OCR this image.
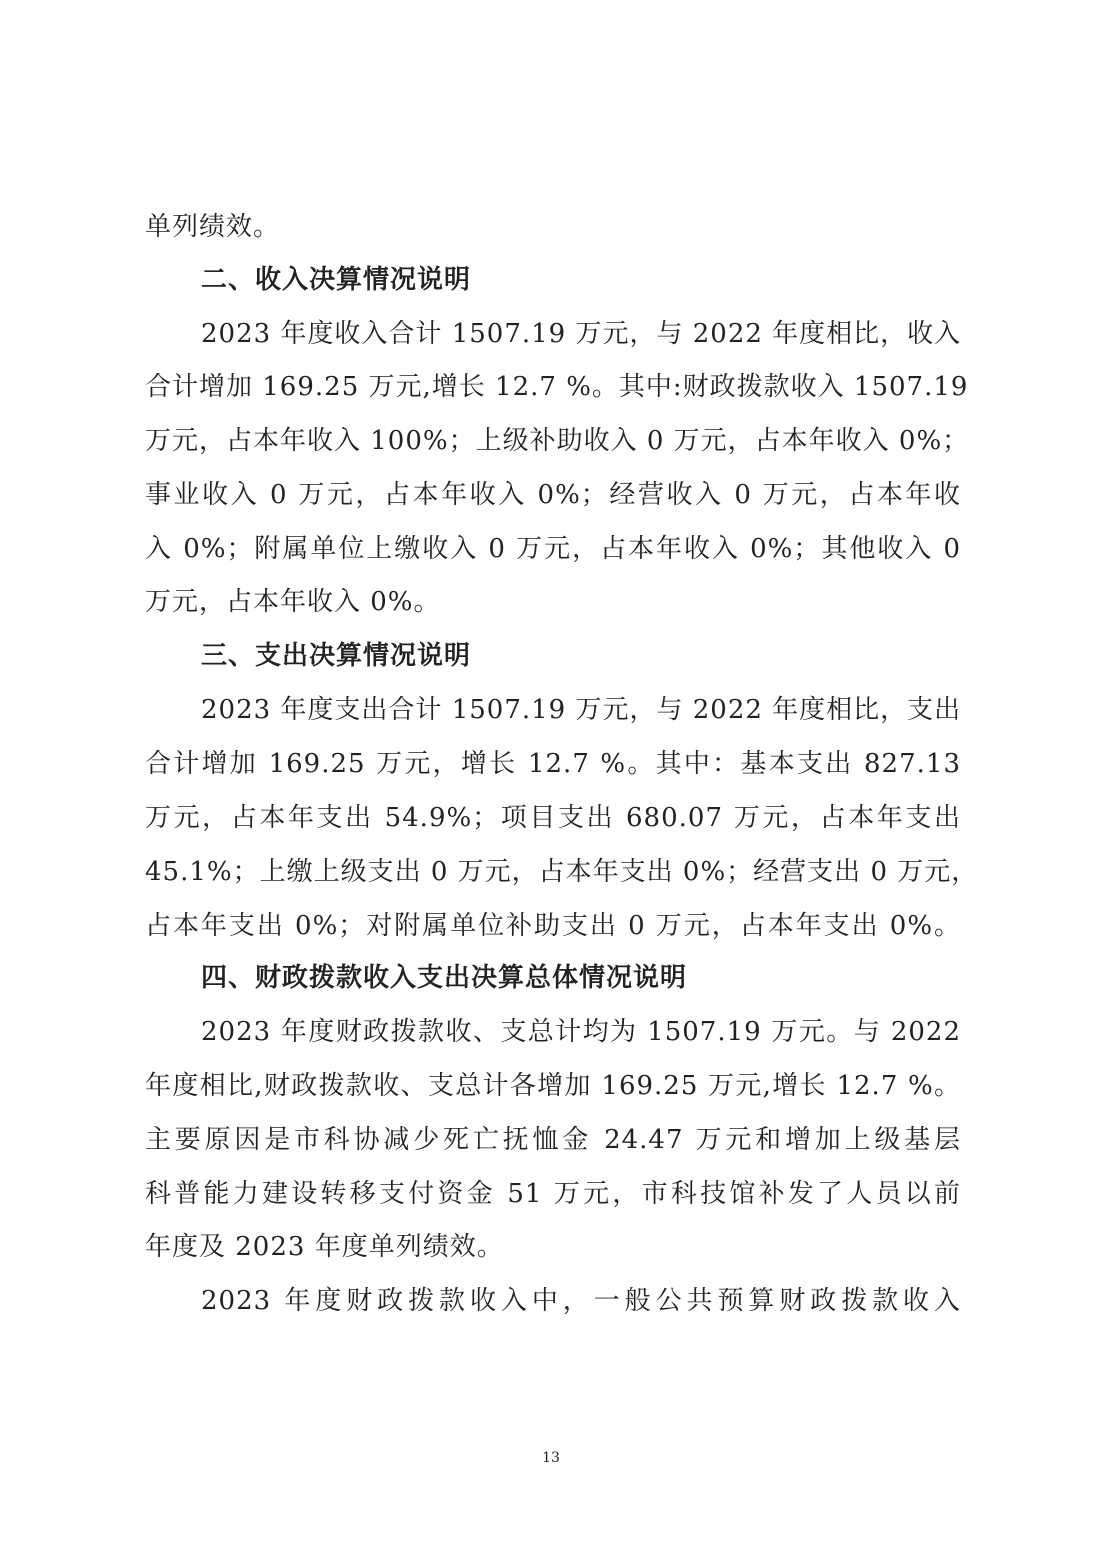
单列绩效。
二、收入决算情况说明
2023 年度收入合计 1507.19 万元，与 2022 年度相比，收入
合计增加 169.25 万元,增长 12.7 %。其中:财政拨款收入 1507.19
万元，占本年收入 100%；上级补助收入 0 万元，占本年收入 0%；
事业收入 0 万元，占本年收入 0%；经营收入 0 万元，占本年收
入 0%；附属单位上缴收入 0 万元，占本年收入 0%；其他收入 0
万元，占本年收入 0%。
三、支出决算情况说明
2023 年度支出合计 1507.19 万元，与 2022 年度相比，支出
合计增加 169.25 万元，增长 12.7 %。其中：基本支出 827.13
万元，占本年支出 54.9%；项目支出 680.07 万元，占本年支出
45.1%；上缴上级支出 0 万元，占本年支出 0%；经营支出 0 万元，
占本年支出 0%；对附属单位补助支出 0 万元，占本年支出 0%。
四、财政拨款收入支出决算总体情况说明
2023 年度财政拨款收、支总计均为 1507.19 万元。与 2022
年度相比,财政拨款收、支总计各增加 169.25 万元,增长 12.7 %。
主要原因是市科协减少死亡抚恤金 24.47 万元和增加上级基层
科普能力建设转移支付资金 51 万元，市科技馆补发了人员以前
年度及 2023 年度单列绩效。
2023 年度财政拨款收入中，一般公共预算财政拨款收入
13
